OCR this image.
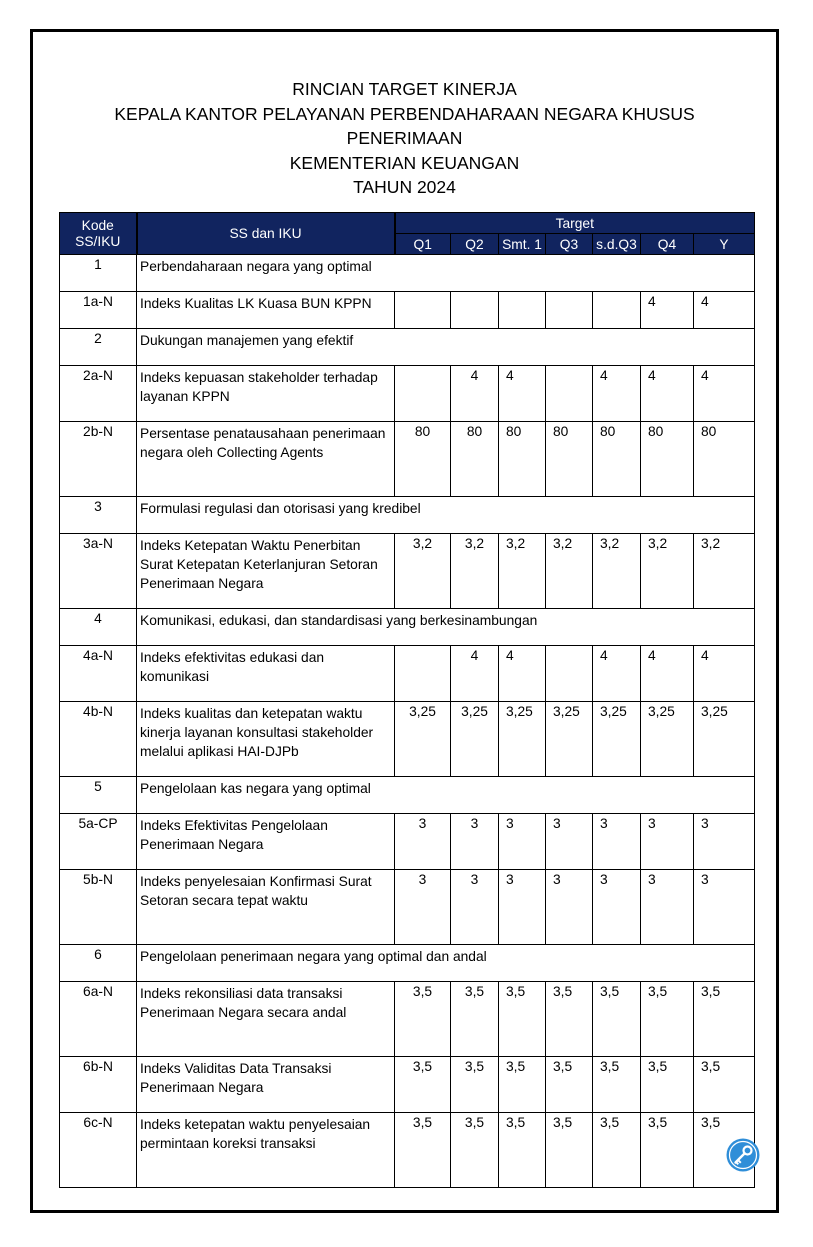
RINCIAN TARGET KINERJA
KEPALA KANTOR PELAYANAN PERBENDAHARAAN NEGARA KHUSUS
PENERIMAAN
KEMENTERIAN KEUANGAN
TAHUN 2024
Kode SS/IKU	SS dan IKU	Target						
		Q1	Q2	Smt. 1	Q3	s.d.Q3	Q4	Y
1	Perbendaharaan negara yang optimal							
1a-N	Indeks Kualitas LK Kuasa BUN KPPN						4	4
2	Dukungan manajemen yang efektif							
2a-N	Indeks kepuasan stakeholder terhadap layanan KPPN		4	4		4	4	4
2b-N	Persentase penatausahaan penerimaan negara oleh Collecting Agents	80	80	80	80	80	80	80
3	Formulasi regulasi dan otorisasi yang kredibel							
3a-N	Indeks Ketepatan Waktu Penerbitan Surat Ketepatan Keterlanjuran Setoran Penerimaan Negara	3,2	3,2	3,2	3,2	3,2	3,2	3,2
4	Komunikasi, edukasi, dan standardisasi yang berkesinambungan							
4a-N	Indeks efektivitas edukasi dan komunikasi		4	4		4	4	4
4b-N	Indeks kualitas dan ketepatan waktu kinerja layanan konsultasi stakeholder melalui aplikasi HAI-DJPb	3,25	3,25	3,25	3,25	3,25	3,25	3,25
5	Pengelolaan kas negara yang optimal							
5a-CP	Indeks Efektivitas Pengelolaan Penerimaan Negara	3	3	3	3	3	3	3
5b-N	Indeks penyelesaian Konfirmasi Surat Setoran secara tepat waktu	3	3	3	3	3	3	3
6	Pengelolaan penerimaan negara yang optimal dan andal							
6a-N	Indeks rekonsiliasi data transaksi Penerimaan Negara secara andal	3,5	3,5	3,5	3,5	3,5	3,5	3,5
6b-N	Indeks Validitas Data Transaksi Penerimaan Negara	3,5	3,5	3,5	3,5	3,5	3,5	3,5
6c-N	Indeks ketepatan waktu penyelesaian permintaan koreksi transaksi	3,5	3,5	3,5	3,5	3,5	3,5	3,5
